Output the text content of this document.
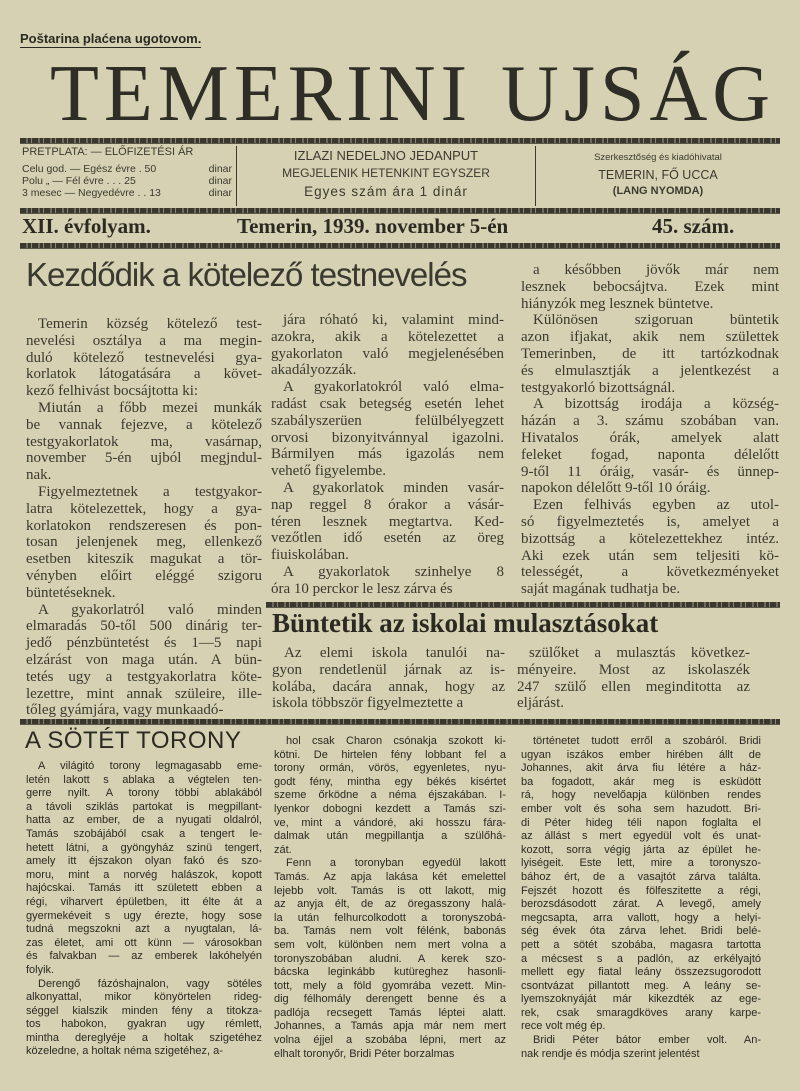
Poštarina plaćena ugotovom.
TEMERINI UJSÁG
PRETPLATA: — ELŐFIZETÉSI ÁR
Celu god. — Egész évre . 50	dinar
Polu „ — Fél évre . . . 25	dinar
3 mesec — Negyedévre . . 13	dinar
IZLAZI NEDELJNO JEDANPUT
MEGJELENIK HETENKINT EGYSZER
Egyes szám ára 1 dinár
Szerkesztőség és kiadóhivatal
TEMERIN, FŐ UCCA
(LANG NYOMDA)
XII. évfolyam.	Temerin, 1939. november 5-én	45. szám.
Kezdődik a kötelező testnevelés
Temerin község kötelező test-
nevelési osztálya a ma megin-
duló kötelező testnevelési gya-
korlatok látogatására a követ-
kező felhivást bocsájtotta ki:
Miután a főbb mezei munkák
be vannak fejezve, a kötelező
testgyakorlatok ma, vasárnap,
november 5-én ujból megjndul-
nak.
Figyelmeztetnek a testgyakor-
latra kötelezettek, hogy a gya-
korlatokon rendszeresen és pon-
tosan jelenjenek meg, ellenkező
esetben kiteszik magukat a tör-
vényben előirt eléggé szigoru
büntetéseknek.
A gyakorlatról való minden
elmaradás 50-től 500 dinárig ter-
jedő pénzbüntetést és 1—5 napi
elzárást von maga után. A bün-
tetés ugy a testgyakorlatra köte-
lezettre, mint annak szüleire, ille-
tőleg gyámjára, vagy munkaadó-
jára róható ki, valamint mind-
azokra, akik a kötelezettet a
gyakorlaton való megjelenésében
akadályozzák.
A gyakorlatokról való elma-
radást csak betegség esetén lehet
szabályszerüen felülbélyegzett
orvosi bizonyitvánnyal igazolni.
Bármilyen más igazolás nem
vehető figyelembe.
A gyakorlatok minden vasár-
nap reggel 8 órakor a vásár-
téren lesznek megtartva. Ked-
vezőtlen idő esetén az öreg
fiuiskolában.
A gyakorlatok szinhelye 8
óra 10 perckor le lesz zárva és
a későbben jövők már nem
lesznek bebocsájtva. Ezek mint
hiányzók meg lesznek büntetve.
Különösen szigoruan büntetik
azon ifjakat, akik nem születtek
Temerinben, de itt tartózkodnak
és elmulasztják a jelentkezést a
testgyakorló bizottságnál.
A bizottság irodája a község-
házán a 3. számu szobában van.
Hivatalos órák, amelyek alatt
feleket fogad, naponta délelőtt
9-től 11 óráig, vasár- és ünnep-
napokon délelőtt 9-től 10 óráig.
Ezen felhivás egyben az utol-
só figyelmeztetés is, amelyet a
bizottság a kötelezettekhez intéz.
Aki ezek után sem teljesiti kö-
telességét, a következményeket
saját magának tudhatja be.
Büntetik az iskolai mulasztásokat
Az elemi iskola tanulói na-
gyon rendetlenül járnak az is-
kolába, dacára annak, hogy az
iskola többször figyelmeztette a
szülőket a mulasztás következ-
ményeire. Most az iskolaszék
247 szülő ellen meginditotta az
eljárást.
A SÖTÉT TORONY
A világitó torony legmagasabb eme-
letén lakott s ablaka a végtelen ten-
gerre nyilt. A torony többi ablakából
a távoli sziklás partokat is megpillant-
hatta az ember, de a nyugati oldalról,
Tamás szobájából csak a tengert le-
hetett látni, a gyöngyház szinü tengert,
amely itt éjszakon olyan fakó és szo-
moru, mint a norvég halászok, kopott
hajócskai. Tamás itt született ebben a
régi, viharvert épületben, itt élte át a
gyermekéveit s ugy érezte, hogy sose
tudná megszokni azt a nyugtalan, lá-
zas életet, ami ott künn — városokban
és falvakban — az emberek lakóhelyén
folyik.
Derengő fázóshajnalon, vagy sötéles
alkonyattal, mikor könyörtelen rideg-
séggel kialszik minden fény a titokza-
tos habokon, gyakran ugy rémlett,
mintha dereglyéje a holtak szigetéhez
közeledne, a holtak néma szigetéhez, a-
hol csak Charon csónakja szokott ki-
kötni. De hirtelen fény lobbant fel a
torony ormán, vörös, egyenletes, nyu-
godt fény, mintha egy békés kisértet
szeme őrködne a néma éjszakában. I-
lyenkor dobogni kezdett a Tamás szi-
ve, mint a vándoré, aki hosszu fára-
dalmak után megpillantja a szülőhá-
zát.
Fenn a toronyban egyedül lakott
Tamás. Az apja lakása két emelettel
lejebb volt. Tamás is ott lakott, mig
az anyja élt, de az öregasszony halá-
la után felhurcolkodott a toronyszobá-
ba. Tamás nem volt félénk, babonás
sem volt, különben nem mert volna a
toronyszobában aludni. A kerek szo-
bácska leginkább kutüreghez hasonli-
tott, mely a föld gyomrába vezett. Min-
dig félhomály derengett benne és a
padlója recsegett Tamás léptei alatt.
Johannes, a Tamás apja már nem mert
volna éjjel a szobába lépni, mert az
elhalt toronyőr, Bridi Péter borzalmas
történetet tudott erről a szobáról. Bridi
ugyan iszákos ember hirében állt de
Johannes, akit árva fiu létére a ház-
ba fogadott, akár meg is esküdött
rá, hogy nevelőapja különben rendes
ember volt és soha sem hazudott. Bri-
di Péter hideg téli napon foglalta el
az állást s mert egyedül volt és unat-
kozott, sorra végig járta az épület he-
lyiségeit. Este lett, mire a toronyszo-
bához ért, de a vasajtót zárva találta.
Fejszét hozott és fölfeszitette a régi,
berozsdásodott zárat. A levegő, amely
megcsapta, arra vallott, hogy a helyi-
ség évek óta zárva lehet. Bridi belé-
pett a sötét szobába, magasra tartotta
a mécsest s a padlón, az erkélyajtó
mellett egy fiatal leány összezsugorodott
csontvázat pillantott meg. A leány se-
lyemszoknyáját már kikezdték az ege-
rek, csak smaragdköves arany karpe-
rece volt még ép.
Bridi Péter bátor ember volt. An-
nak rendje és módja szerint jelentést
